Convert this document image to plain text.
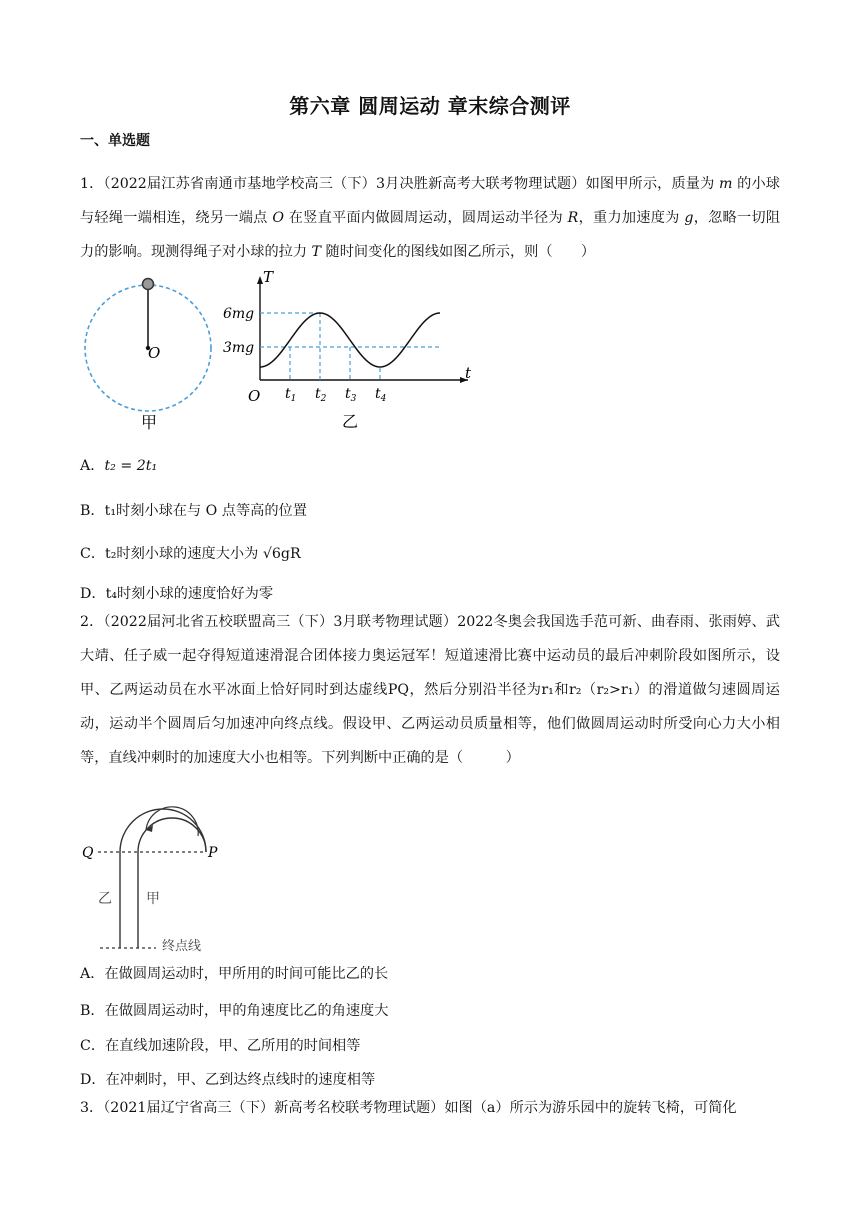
第六章 圆周运动 章末综合测评
一、单选题
1．（2022届江苏省南通市基地学校高三（下）3月决胜新高考大联考物理试题）如图甲所示，质量为 m 的小球与轻绳一端相连，绕另一端点 O 在竖直平面内做圆周运动，圆周运动半径为 R，重力加速度为 g，忽略一切阻力的影响。现测得绳子对小球的拉力 T 随时间变化的图线如图乙所示，则（　　）
O
甲
T
t
O
6mg
3mg
$t_1$ $t_2$ $t_3$ $t_4$
乙
A．t₂ = 2t₁
B．t₁时刻小球在与 O 点等高的位置
C．t₂时刻小球的速度大小为 √6gR
D．t₄时刻小球的速度恰好为零
2．（2022届河北省五校联盟高三（下）3月联考物理试题）2022冬奥会我国选手范可新、曲春雨、张雨婷、武大靖、任子威一起夺得短道速滑混合团体接力奥运冠军！短道速滑比赛中运动员的最后冲刺阶段如图所示，设甲、乙两运动员在水平冰面上恰好同时到达虚线PQ，然后分别沿半径为r₁和r₂（r₂>r₁）的滑道做匀速圆周运动，运动半个圆周后匀加速冲向终点线。假设甲、乙两运动员质量相等，他们做圆周运动时所受向心力大小相等，直线冲刺时的加速度大小也相等。下列判断中正确的是（　　　）
Q	P
乙 甲
终点线
A．在做圆周运动时，甲所用的时间可能比乙的长
B．在做圆周运动时，甲的角速度比乙的角速度大
C．在直线加速阶段，甲、乙所用的时间相等
D．在冲刺时，甲、乙到达终点线时的速度相等
3．（2021届辽宁省高三（下）新高考名校联考物理试题）如图（a）所示为游乐园中的旋转飞椅，可简化
